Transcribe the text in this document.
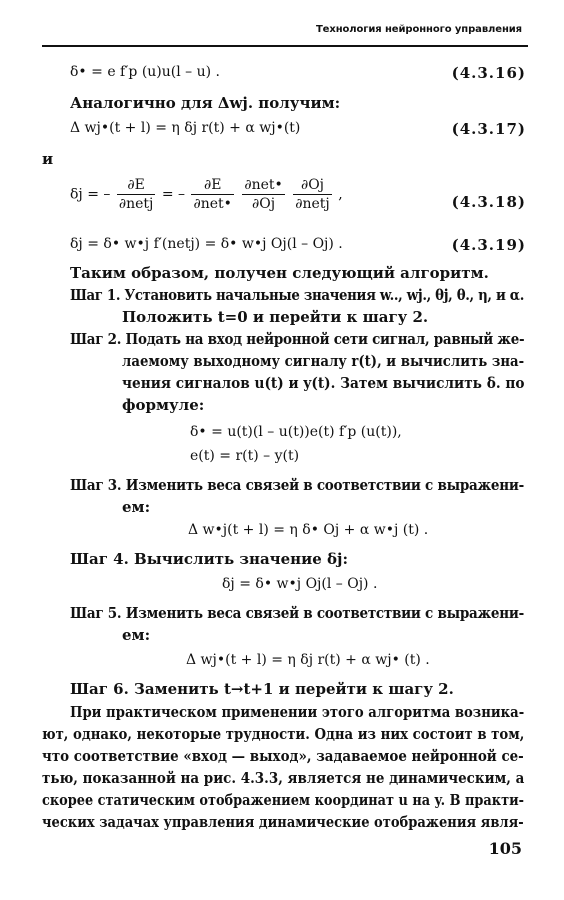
Технология нейронного управления
δ• = e f′p (u)u(l – u) .	(4.3.16)
Аналогично для Δwj. получим:
Δ wj•(t + l) = η δj r(t) + α wj•(t)	(4.3.17)
и
δj = – $\frac{\partial E}{\text{∂netj}}$ = – $\frac{\partial E}{\text{∂net•}}$
$\frac{\text{∂net•}}{\partial Oj}$
$\frac{\partial Oj}{\text{∂netj}}$ ,	(4.3.18)
δj = δ• w•j f′(netj) = δ• w•j Oj(l – Oj) .	(4.3.19)
Таким образом, получен следующий алгоритм.
Шаг 1. Установить начальные значения w.., wj., θj, θ., η, и α.
Положить t=0 и перейти к шагу 2.
Шаг 2. Подать на вход нейронной сети сигнал, равный же-
лаемому выходному сигналу r(t), и вычислить зна-
чения сигналов u(t) и y(t). Затем вычислить δ. по
формуле:
δ• = u(t)(l – u(t))e(t) f′p (u(t)),
e(t) = r(t) – y(t)
Шаг 3. Изменить веса связей в соответствии с выражени-
ем:
Δ w•j(t + l) = η δ• Oj + α w•j (t) .
Шаг 4. Вычислить значение δj:
δj = δ• w•j Oj(l – Oj) .
Шаг 5. Изменить веса связей в соответствии с выражени-
ем:
Δ wj•(t + l) = η δj r(t) + α wj• (t) .
Шаг 6. Заменить t→t+1 и перейти к шагу 2.
При практическом применении этого алгоритма возника-
ют, однако, некоторые трудности. Одна из них состоит в том,
что соответствие «вход — выход», задаваемое нейронной се-
тью, показанной на рис. 4.3.3, является не динамическим, а
скорее статическим отображением координат u на y. В практи-
ческих задачах управления динамические отображения явля-
105
